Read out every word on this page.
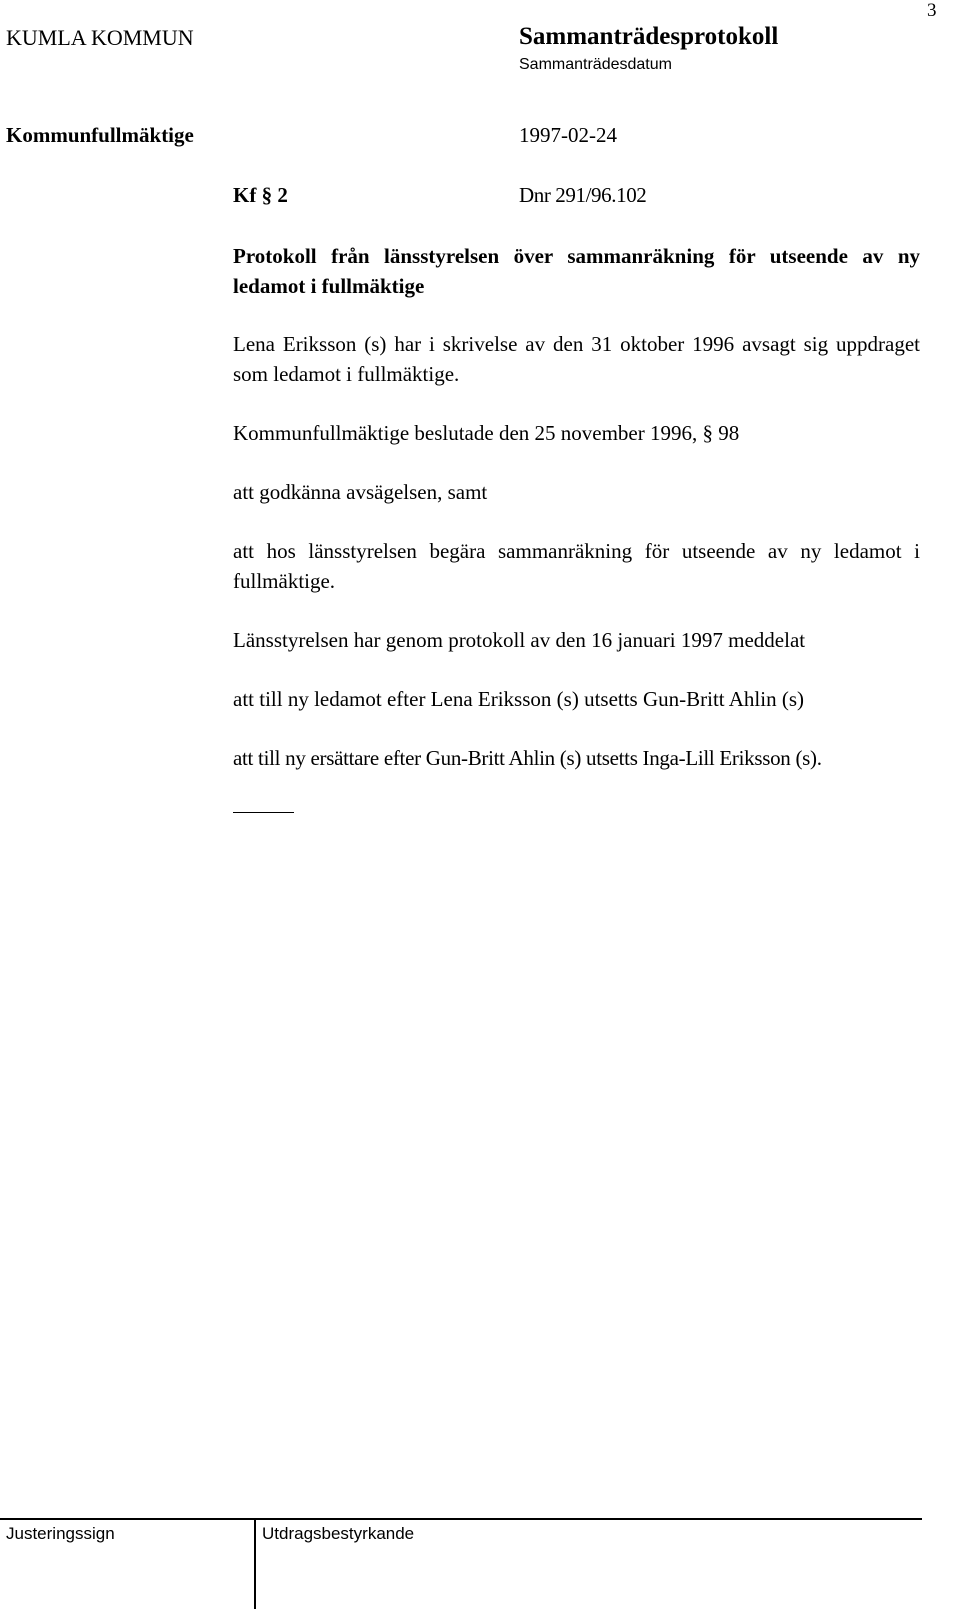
3
KUMLA KOMMUN	Sammanträdesprotokoll
Sammanträdesdatum
Kommunfullmäktige	1997-02-24
Kf § 2	Dnr 291/96.102
Protokoll från länsstyrelsen över sammanräkning för utseende av ny ledamot i fullmäktige
Lena Eriksson (s) har i skrivelse av den 31 oktober 1996 avsagt sig uppdraget som ledamot i fullmäktige.
Kommunfullmäktige beslutade den 25 november 1996, § 98
att godkänna avsägelsen, samt
att hos länsstyrelsen begära sammanräkning för utseende av ny ledamot i fullmäktige.
Länsstyrelsen har genom protokoll av den 16 januari 1997 meddelat
att till ny ledamot efter Lena Eriksson (s) utsetts Gun-Britt Ahlin (s)
att till ny ersättare efter Gun-Britt Ahlin (s) utsetts Inga-Lill Eriksson (s).
Justeringssign	Utdragsbestyrkande
